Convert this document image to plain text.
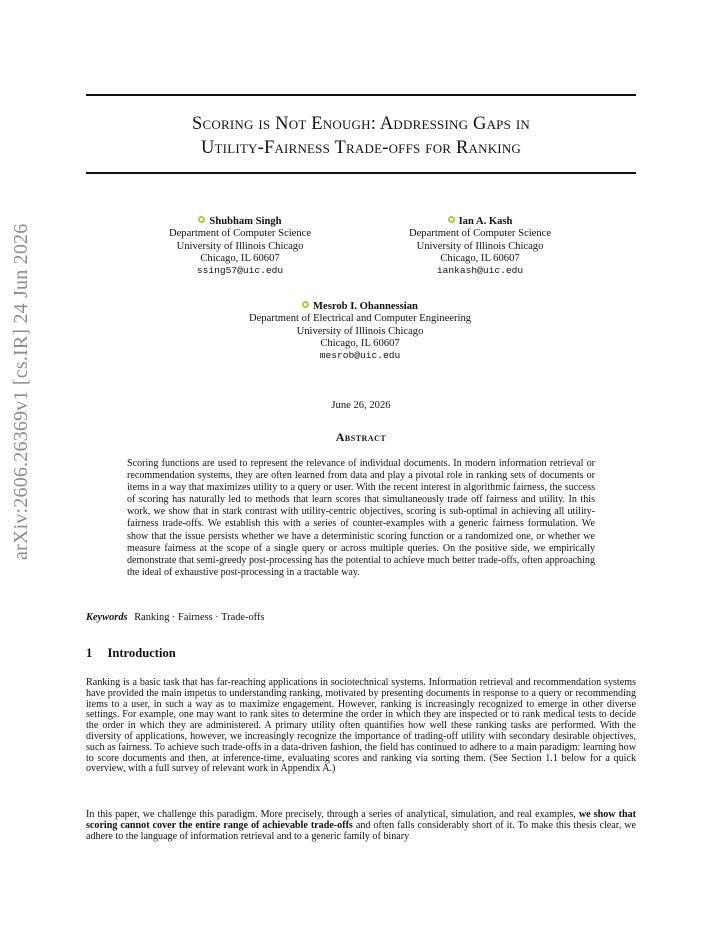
arXiv:2606.26369v1 [cs.IR] 24 Jun 2026
Scoring is Not Enough: Addressing Gaps in
Utility-Fairness Trade-offs for Ranking
Shubham Singh
Department of Computer Science
University of Illinois Chicago
Chicago, IL 60607
ssing57@uic.edu
Ian A. Kash
Department of Computer Science
University of Illinois Chicago
Chicago, IL 60607
iankash@uic.edu
Mesrob I. Ohannessian
Department of Electrical and Computer Engineering
University of Illinois Chicago
Chicago, IL 60607
mesrob@uic.edu
June 26, 2026
Abstract
Scoring functions are used to represent the relevance of individual documents. In modern information retrieval or recommendation systems, they are often learned from data and play a pivotal role in ranking sets of documents or items in a way that maximizes utility to a query or user. With the recent interest in algorithmic fairness, the success of scoring has naturally led to methods that learn scores that simultaneously trade off fairness and utility. In this work, we show that in stark contrast with utility-centric objectives, scoring is sub-optimal in achieving all utility-fairness trade-offs. We establish this with a series of counter-examples with a generic fairness formulation. We show that the issue persists whether we have a deterministic scoring function or a randomized one, or whether we measure fairness at the scope of a single query or across multiple queries. On the positive side, we empirically demonstrate that semi-greedy post-processing has the potential to achieve much better trade-offs, often approaching the ideal of exhaustive post-processing in a tractable way.
Keywords Ranking · Fairness · Trade-offs
1 Introduction
Ranking is a basic task that has far-reaching applications in sociotechnical systems. Information retrieval and recommendation systems have provided the main impetus to understanding ranking, motivated by presenting documents in response to a query or recommending items to a user, in such a way as to maximize engagement. However, ranking is increasingly recognized to emerge in other diverse settings. For example, one may want to rank sites to determine the order in which they are inspected or to rank medical tests to decide the order in which they are administered. A primary utility often quantifies how well these ranking tasks are performed. With the diversity of applications, however, we increasingly recognize the importance of trading-off utility with secondary desirable objectives, such as fairness. To achieve such trade-offs in a data-driven fashion, the field has continued to adhere to a main paradigm: learning how to score documents and then, at inference-time, evaluating scores and ranking via sorting them. (See Section 1.1 below for a quick overview, with a full survey of relevant work in Appendix A.)
In this paper, we challenge this paradigm. More precisely, through a series of analytical, simulation, and real examples, we show that scoring cannot cover the entire range of achievable trade-offs and often falls considerably short of it. To make this thesis clear, we adhere to the language of information retrieval and to a generic family of binary
